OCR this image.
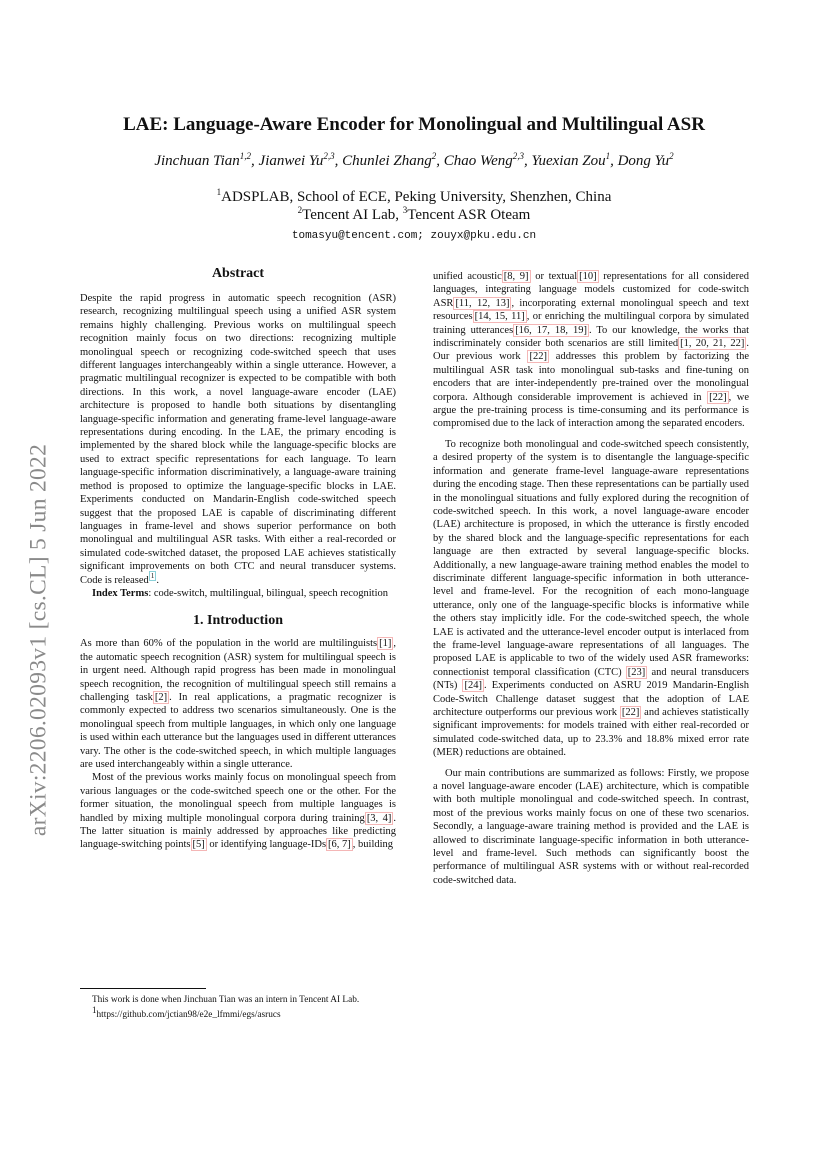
arXiv:2206.02093v1 [cs.CL] 5 Jun 2022
LAE: Language-Aware Encoder for Monolingual and Multilingual ASR

Jinchuan Tian$^{1,2}$, Jianwei Yu$^{2,3}$, Chunlei Zhang$^2$, Chao Weng$^{2,3}$, Yuexian Zou$^1$, Dong Yu$^2$

$^1$ADSPLAB, School of ECE, Peking University, Shenzhen, China

$^2$Tencent AI Lab, $^3$Tencent ASR Oteam

tomasyu@tencent.com; zouyx@pku.edu.cn

Abstract

Despite the rapid progress in automatic speech recognition (ASR) research, recognizing multilingual speech using a unified ASR system remains highly challenging. Previous works on multilingual speech recognition mainly focus on two directions: recognizing multiple monolingual speech or recognizing code-switched speech that uses different languages interchangeably within a single utterance. However, a pragmatic multilingual recognizer is expected to be compatible with both directions. In this work, a novel language-aware encoder (LAE) architecture is proposed to handle both situations by disentangling language-specific information and generating frame-level language-aware representations during encoding. In the LAE, the primary encoding is implemented by the shared block while the language-specific blocks are used to extract specific representations for each language. To learn language-specific information discriminatively, a language-aware training method is proposed to optimize the language-specific blocks in LAE. Experiments conducted on Mandarin-English code-switched speech suggest that the proposed LAE is capable of discriminating different languages in frame-level and shows superior performance on both monolingual and multilingual ASR tasks. With either a real-recorded or simulated code-switched dataset, the proposed LAE achieves statistically significant improvements on both CTC and neural transducer systems. Code is released $^1$ .

Index Terms: code-switch, multilingual, bilingual, speech recognition

1. Introduction

As more than 60% of the population in the world are multilinguists [1] , the automatic speech recognition (ASR) system for multilingual speech is in urgent need. Although rapid progress has been made in monolingual speech recognition, the recognition of multilingual speech still remains a challenging task [2] . In real applications, a pragmatic recognizer is commonly expected to address two scenarios simultaneously. One is the monolingual speech from multiple languages, in which only one language is used within each utterance but the languages used in different utterances vary. The other is the code-switched speech, in which multiple languages are used interchangeably within a single utterance.

Most of the previous works mainly focus on monolingual speech from various languages or the code-switched speech one or the other. For the former situation, the monolingual speech from multiple languages is handled by mixing multiple monolingual corpora during training [3, 4] . The latter situation is mainly addressed by approaches like predicting language-switching points [5] or identifying language-IDs [6, 7] , building

This work is done when Jinchuan Tian was an intern in Tencent AI Lab.

$^1$https://github.com/jctian98/e2e_lfmmi/egs/asrucs

unified acoustic [8, 9] or textual [10] representations for all considered languages, integrating language models customized for code-switch ASR [11, 12, 13] , incorporating external monolingual speech and text resources [14, 15, 11] , or enriching the multilingual corpora by simulated training utterances [16, 17, 18, 19] . To our knowledge, the works that indiscriminately consider both scenarios are still limited [1, 20, 21, 22] . Our previous work [22] addresses this problem by factorizing the multilingual ASR task into monolingual sub-tasks and fine-tuning on encoders that are inter-independently pre-trained over the monolingual corpora. Although considerable improvement is achieved in [22] , we argue the pre-training process is time-consuming and its performance is compromised due to the lack of interaction among the separated encoders.

To recognize both monolingual and code-switched speech consistently, a desired property of the system is to disentangle the language-specific information and generate frame-level language-aware representations during the encoding stage. Then these representations can be partially used in the monolingual situations and fully explored during the recognition of code-switched speech. In this work, a novel language-aware encoder (LAE) architecture is proposed, in which the utterance is firstly encoded by the shared block and the language-specific representations for each language are then extracted by several language-specific blocks. Additionally, a new language-aware training method enables the model to discriminate different language-specific information in both utterance-level and frame-level. For the recognition of each mono-language utterance, only one of the language-specific blocks is informative while the others stay implicitly idle. For the code-switched speech, the whole LAE is activated and the utterance-level encoder output is interlaced from the frame-level language-aware representations of all languages. The proposed LAE is applicable to two of the widely used ASR frameworks: connectionist temporal classification (CTC) [23] and neural transducers (NTs) [24] . Experiments conducted on ASRU 2019 Mandarin-English Code-Switch Challenge dataset suggest that the adoption of LAE architecture outperforms our previous work [22] and achieves statistically significant improvements: for models trained with either real-recorded or simulated code-switched data, up to 23.3% and 18.8% mixed error rate (MER) reductions are obtained.

Our main contributions are summarized as follows: Firstly, we propose a novel language-aware encoder (LAE) architecture, which is compatible with both multiple monolingual and code-switched speech. In contrast, most of the previous works mainly focus on one of these two scenarios. Secondly, a language-aware training method is provided and the LAE is allowed to discriminate language-specific information in both utterance-level and frame-level. Such methods can significantly boost the performance of multilingual ASR systems with or without real-recorded code-switched data.
